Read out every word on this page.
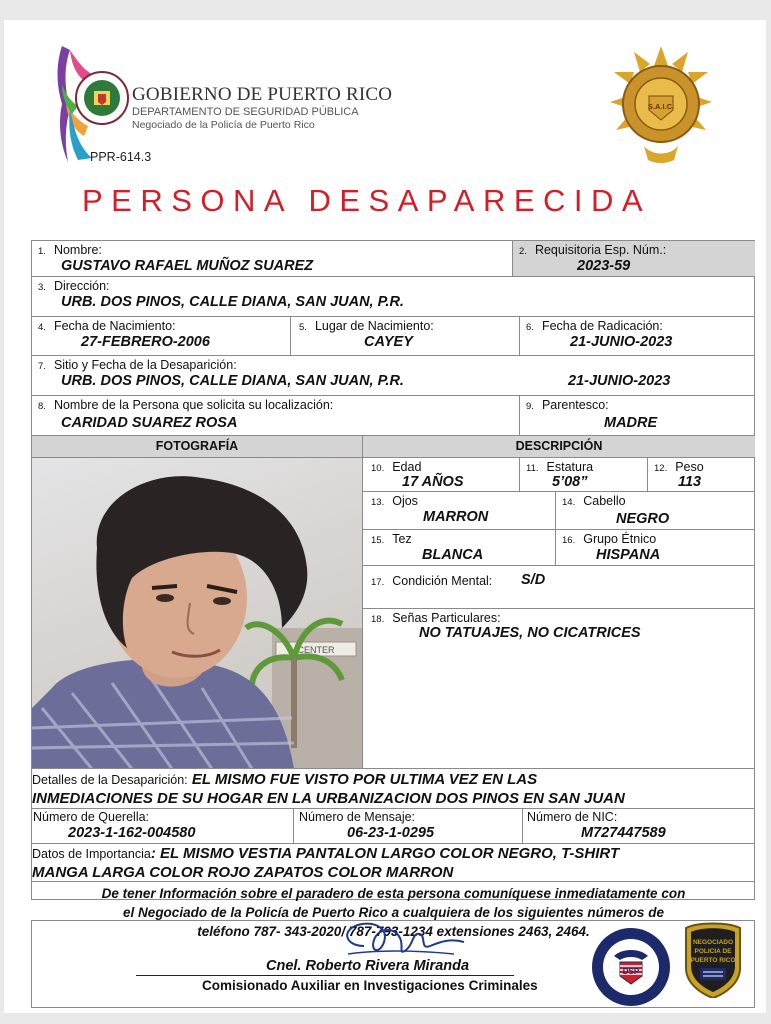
GOBIERNO DE PUERTO RICO
DEPARTAMENTO DE SEGURIDAD PÚBLICA
Negociado de la Policía de Puerto Rico
PPR-614.3
S.A.I.C.
PERSONA DESAPARECIDA
1. Nombre:
GUSTAVO RAFAEL MUÑOZ SUAREZ
2. Requisitoria Esp. Núm.:
2023-59
3. Dirección:
URB. DOS PINOS, CALLE DIANA, SAN JUAN, P.R.
4. Fecha de Nacimiento:
27-FEBRERO-2006
5. Lugar de Nacimiento:
CAYEY
6. Fecha de Radicación:
21-JUNIO-2023
7. Sitio y Fecha de la Desaparición:
URB. DOS PINOS, CALLE DIANA, SAN JUAN, P.R.	21-JUNIO-2023
8. Nombre de la Persona que solicita su localización:
CARIDAD SUAREZ ROSA
9. Parentesco:
MADRE
FOTOGRAFÍA	DESCRIPCIÓN
CENTER
10. Edad
17 AÑOS
11. Estatura
5’08”
12. Peso
113
13. Ojos
MARRON
14. Cabello
NEGRO
15. Tez
BLANCA
16. Grupo Étnico
HISPANA
17. Condición Mental: S/D
18. Señas Particulares:
NO TATUAJES, NO CICATRICES
Detalles de la Desaparición: EL MISMO FUE VISTO POR ULTIMA VEZ EN LAS
INMEDIACIONES DE SU HOGAR EN LA URBANIZACION DOS PINOS EN SAN JUAN
Número de Querella:
2023-1-162-004580
Número de Mensaje:
06-23-1-0295
Número de NIC:
M727447589
Datos de Importancia: EL MISMO VESTIA PANTALON LARGO COLOR NEGRO, T-SHIRT
MANGA LARGA COLOR ROJO ZAPATOS COLOR MARRON
De tener Información sobre el paradero de esta persona comuníquese inmediatamente con
el Negociado de la Policía de Puerto Rico a cualquiera de los siguientes números de
teléfono 787- 343-2020/ 787-793-1234 extensiones 2463, 2464.
Cnel. Roberto Rivera Miranda
Comisionado Auxiliar en Investigaciones Criminales
DSP
NEGOCIADO
POLICIA DE
PUERTO RICO
